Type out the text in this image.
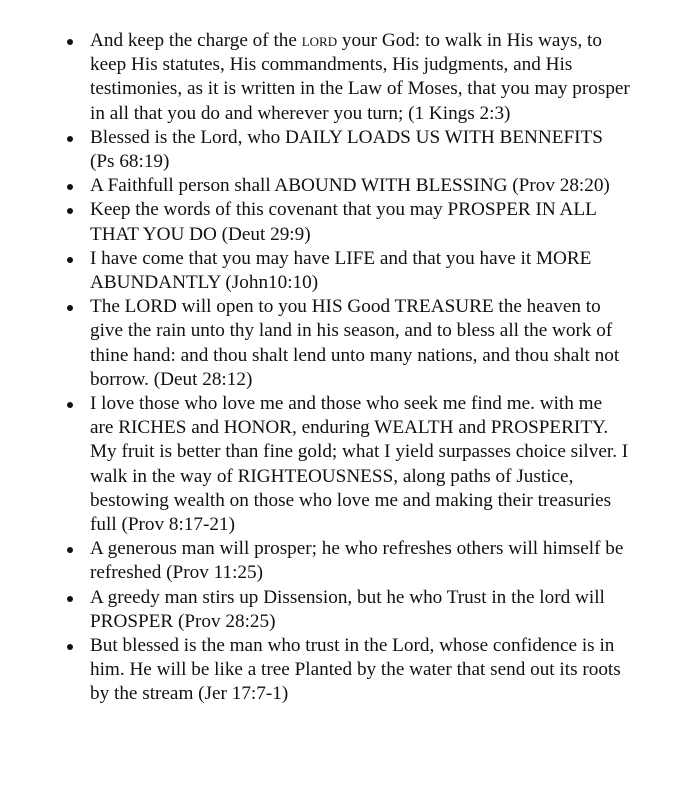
And keep the charge of the lord your God: to walk in His ways, to keep His statutes, His commandments, His judgments, and His testimonies, as it is written in the Law of Moses, that you may prosper in all that you do and wherever you turn; (1 Kings 2:3)
Blessed is the Lord, who DAILY LOADS US WITH BENNEFITS (Ps 68:19)
A Faithfull person shall ABOUND WITH BLESSING (Prov 28:20)
Keep the words of this covenant that you may PROSPER IN ALL THAT YOU DO (Deut 29:9)
I have come that you may have LIFE and that you have it MORE ABUNDANTLY (John10:10)
The LORD will open to you HIS Good TREASURE the heaven to give the rain unto thy land in his season, and to bless all the work of thine hand: and thou shalt lend unto many nations, and thou shalt not borrow. (Deut 28:12)
I love those who love me and those who seek me find me. with me are RICHES and HONOR, enduring WEALTH and PROSPERITY. My fruit is better than fine gold; what I yield surpasses choice silver. I walk in the way of RIGHTEOUSNESS, along paths of Justice, bestowing wealth on those who love me and making their treasuries full (Prov 8:17-21)
A generous man will prosper; he who refreshes others will himself be refreshed (Prov 11:25)
A greedy man stirs up Dissension, but he who Trust in the lord will PROSPER (Prov 28:25)
But blessed is the man who trust in the Lord, whose confidence is in him. He will be like a tree Planted by the water that send out its roots by the stream (Jer 17:7-1)
